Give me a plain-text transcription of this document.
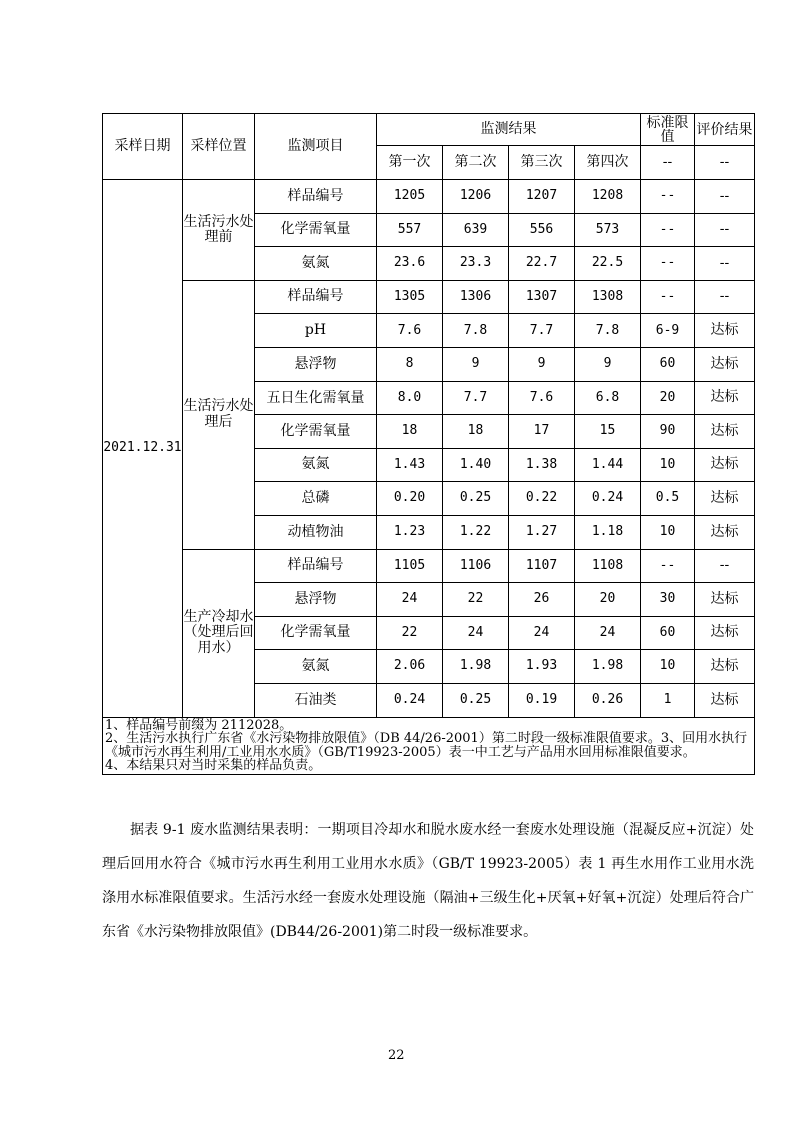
采样日期	采样位置	监测项目	监测结果				标准限值	评价结果
			第一次	第二次	第三次	第四次	--	--
2021.12.31	生活污水处理前	样品编号	1205	1206	1207	1208	--	--
		化学需氧量	557	639	556	573	--	--
		氨氮	23.6	23.3	22.7	22.5	--	--
	生活污水处理后	样品编号	1305	1306	1307	1308	--	--
		pH	7.6	7.8	7.7	7.8	6-9	达标
		悬浮物	8	9	9	9	60	达标
		五日生化需氧量	8.0	7.7	7.6	6.8	20	达标
		化学需氧量	18	18	17	15	90	达标
		氨氮	1.43	1.40	1.38	1.44	10	达标
		总磷	0.20	0.25	0.22	0.24	0.5	达标
		动植物油	1.23	1.22	1.27	1.18	10	达标
	生产冷却水（处理后回用水）	样品编号	1105	1106	1107	1108	--	--
		悬浮物	24	22	26	20	30	达标
		化学需氧量	22	24	24	24	60	达标
		氨氮	2.06	1.98	1.93	1.98	10	达标
		石油类	0.24	0.25	0.19	0.26	1	达标

1、样品编号前缀为 2112028。
2、生活污水执行广东省《水污染物排放限值》（DB 44/26-2001）第二时段一级标准限值要求。3、回用水执行《城市污水再生利用/工业用水水质》（GB/T19923-2005）表一中工艺与产品用水回用标准限值要求。
4、本结果只对当时采集的样品负责。								

据表 9-1 废水监测结果表明：一期项目冷却水和脱水废水经一套废水处理设施（混凝反应+沉淀）处理后回用水符合《城市污水再生利用工业用水水质》（GB/T 19923-2005）表 1 再生水用作工业用水洗涤用水标准限值要求。生活污水经一套废水处理设施（隔油+三级生化+厌氧+好氧+沉淀）处理后符合广东省《水污染物排放限值》(DB44/26-2001)第二时段一级标准要求。

22
